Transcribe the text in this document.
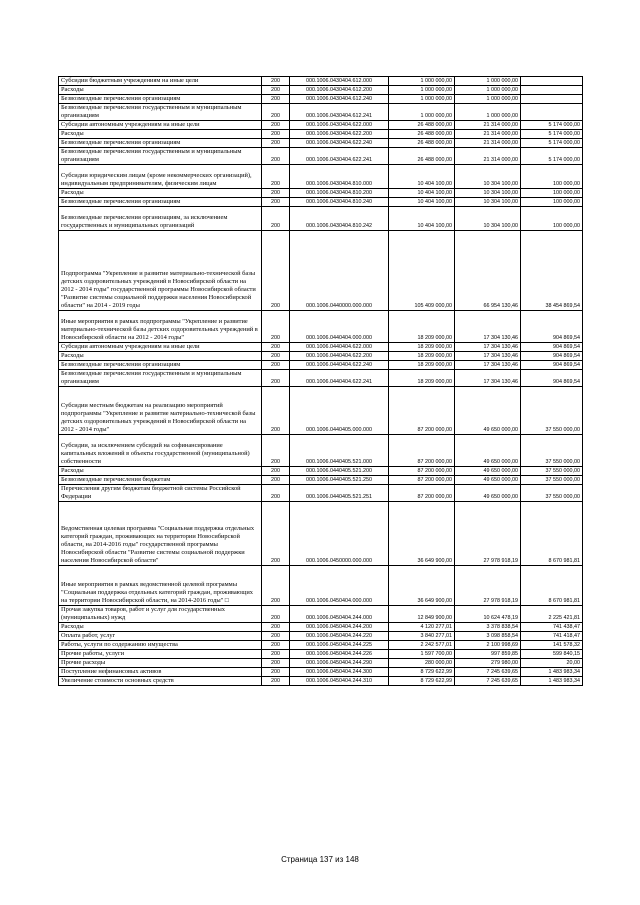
Субсидии бюджетным учреждениям на иные цели	200	000.1006.0430404.612.000	1 000 000,00	1 000 000,00	
Расходы	200	000.1006.0430404.612.200	1 000 000,00	1 000 000,00	
Безвозмездные перечисления организациям	200	000.1006.0430404.612.240	1 000 000,00	1 000 000,00	
Безвозмездные перечисления государственным и муниципальным организациям	200	000.1006.0430404.612.241	1 000 000,00	1 000 000,00	
Субсидии автономным учреждениям на иные цели	200	000.1006.0430404.622.000	26 488 000,00	21 314 000,00	5 174 000,00
Расходы	200	000.1006.0430404.622.200	26 488 000,00	21 314 000,00	5 174 000,00
Безвозмездные перечисления организациям	200	000.1006.0430404.622.240	26 488 000,00	21 314 000,00	5 174 000,00
Безвозмездные перечисления государственным и муниципальным организациям	200	000.1006.0430404.622.241	26 488 000,00	21 314 000,00	5 174 000,00
Субсидии юридическим лицам (кроме некоммерческих организаций), индивидуальным предпринимателям, физическим лицам	200	000.1006.0430404.810.000	10 404 100,00	10 304 100,00	100 000,00
Расходы	200	000.1006.0430404.810.200	10 404 100,00	10 304 100,00	100 000,00
Безвозмездные перечисления организациям	200	000.1006.0430404.810.240	10 404 100,00	10 304 100,00	100 000,00
Безвозмездные перечисления организациям, за исключением государственных и муниципальных организаций	200	000.1006.0430404.810.242	10 404 100,00	10 304 100,00	100 000,00
Подпрограмма "Укрепление и развитие материально-технической базы детских оздоровительных учреждений в Новосибирской области на 2012 - 2014 годы" государственной программы Новосибирской области "Развитие системы социальной поддержки населения Новосибирской области" на 2014 - 2019 годы	200	000.1006.0440000.000.000	105 409 000,00	66 954 130,46	38 454 869,54
Иные мероприятия в рамках подпрограммы "Укрепление и развитие материально-технической базы детских оздоровительных учреждений в Новосибирской области на 2012 - 2014 годы"	200	000.1006.0440404.000.000	18 209 000,00	17 304 130,46	904 869,54
Субсидии автономным учреждениям на иные цели	200	000.1006.0440404.622.000	18 209 000,00	17 304 130,46	904 869,54
Расходы	200	000.1006.0440404.622.200	18 209 000,00	17 304 130,46	904 869,54
Безвозмездные перечисления организациям	200	000.1006.0440404.622.240	18 209 000,00	17 304 130,46	904 869,54
Безвозмездные перечисления государственным и муниципальным организациям	200	000.1006.0440404.622.241	18 209 000,00	17 304 130,46	904 869,54
Субсидии местным бюджетам на реализацию мероприятий подпрограммы "Укрепление и развитие материально-технической базы детских оздоровительных учреждений в Новосибирской области на 2012 - 2014 годы"	200	000.1006.0440405.000.000	87 200 000,00	49 650 000,00	37 550 000,00
Субсидии, за исключением субсидий на софинансирование капитальных вложений в объекты государственной (муниципальной) собственности	200	000.1006.0440405.521.000	87 200 000,00	49 650 000,00	37 550 000,00
Расходы	200	000.1006.0440405.521.200	87 200 000,00	49 650 000,00	37 550 000,00
Безвозмездные перечисления бюджетам	200	000.1006.0440405.521.250	87 200 000,00	49 650 000,00	37 550 000,00
Перечисления другим бюджетам бюджетной системы Российской Федерации	200	000.1006.0440405.521.251	87 200 000,00	49 650 000,00	37 550 000,00
Ведомственная целевая программа "Социальная поддержка отдельных категорий граждан, проживающих на территории Новосибирской области, на 2014-2016 годы" государственной программы Новосибирской области "Развитие системы социальной поддержки населения Новосибирской области"	200	000.1006.0450000.000.000	36 649 900,00	27 978 918,19	8 670 981,81
Иные мероприятия в рамках ведомственной целевой программы "Социальная поддержка отдельных категорий граждан, проживающих на территории Новосибирской области, на 2014-2016 годы" □	200	000.1006.0450404.000.000	36 649 900,00	27 978 918,19	8 670 981,81
Прочая закупка товаров, работ и услуг для государственных (муниципальных) нужд	200	000.1006.0450404.244.000	12 849 900,00	10 624 478,19	2 225 421,81
Расходы	200	000.1006.0450404.244.200	4 120 277,01	3 378 838,54	741 438,47
Оплата работ, услуг	200	000.1006.0450404.244.220	3 840 277,01	3 098 858,54	741 418,47
Работы, услуги по содержанию имущества	200	000.1006.0450404.244.225	2 242 577,01	2 100 998,69	141 578,32
Прочие работы, услуги	200	000.1006.0450404.244.226	1 597 700,00	997 859,85	599 840,15
Прочие расходы	200	000.1006.0450404.244.290	280 000,00	279 980,00	20,00
Поступление нефинансовых активов	200	000.1006.0450404.244.300	8 729 622,99	7 245 639,65	1 483 983,34
Увеличение стоимости основных средств	200	000.1006.0450404.244.310	8 729 622,99	7 245 639,65	1 483 983,34
Страница 137 из 148
